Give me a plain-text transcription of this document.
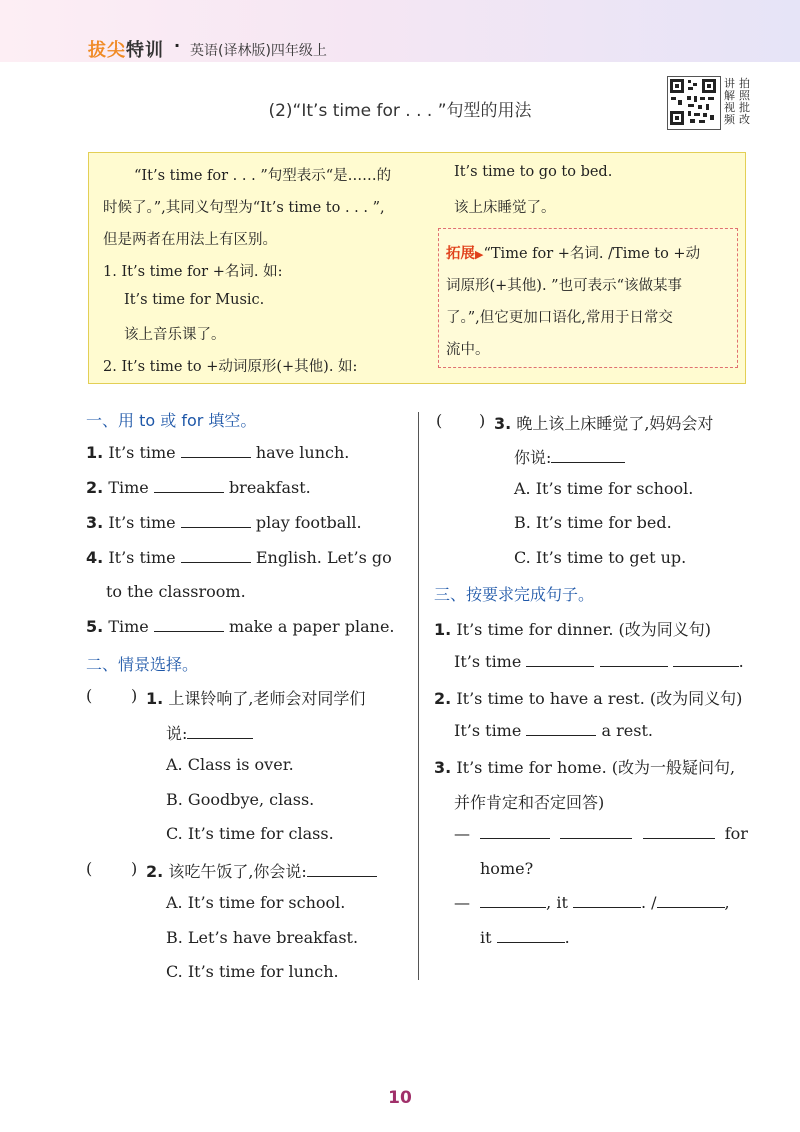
拔尖特训 · 英语(译林版)四年级上
(2)“It’s time for . . . ”句型的用法
讲 拍
解 照
视 批
频 改
“It’s time for . . . ”句型表示“是……的
时候了。”,其同义句型为“It’s time to . . . ”,
但是两者在用法上有区别。
1. It’s time for +名词. 如:
It’s time for Music.
该上音乐课了。
2. It’s time to +动词原形(+其他). 如:
It’s time to go to bed.
该上床睡觉了。
拓展▶“Time for +名词. /Time to +动
词原形(+其他). ”也可表示“该做某事
了。”,但它更加口语化,常用于日常交
流中。
一、用 to 或 for 填空。
1. It’s time	have lunch.
2. Time	breakfast.
3. It’s time	play football.
4. It’s time	English. Let’s go
to the classroom.
5. Time	make a paper plane.
二、情景选择。
( ) 1. 上课铃响了,老师会对同学们
说:
A. Class is over.
B. Goodbye, class.
C. It’s time for class.
( ) 2. 该吃午饭了,你会说:
A. It’s time for school.
B. Let’s have breakfast.
C. It’s time for lunch.
( ) 3. 晚上该上床睡觉了,妈妈会对
你说:
A. It’s time for school.
B. It’s time for bed.
C. It’s time to get up.
三、按要求完成句子。
1. It’s time for dinner. (改为同义句)
It’s time	.
2. It’s time to have a rest. (改为同义句)
It’s time	a rest.
3. It’s time for home. (改为一般疑问句,
并作肯定和否定回答)
—	for
home?
—	, it	. /	,
it	.
10
